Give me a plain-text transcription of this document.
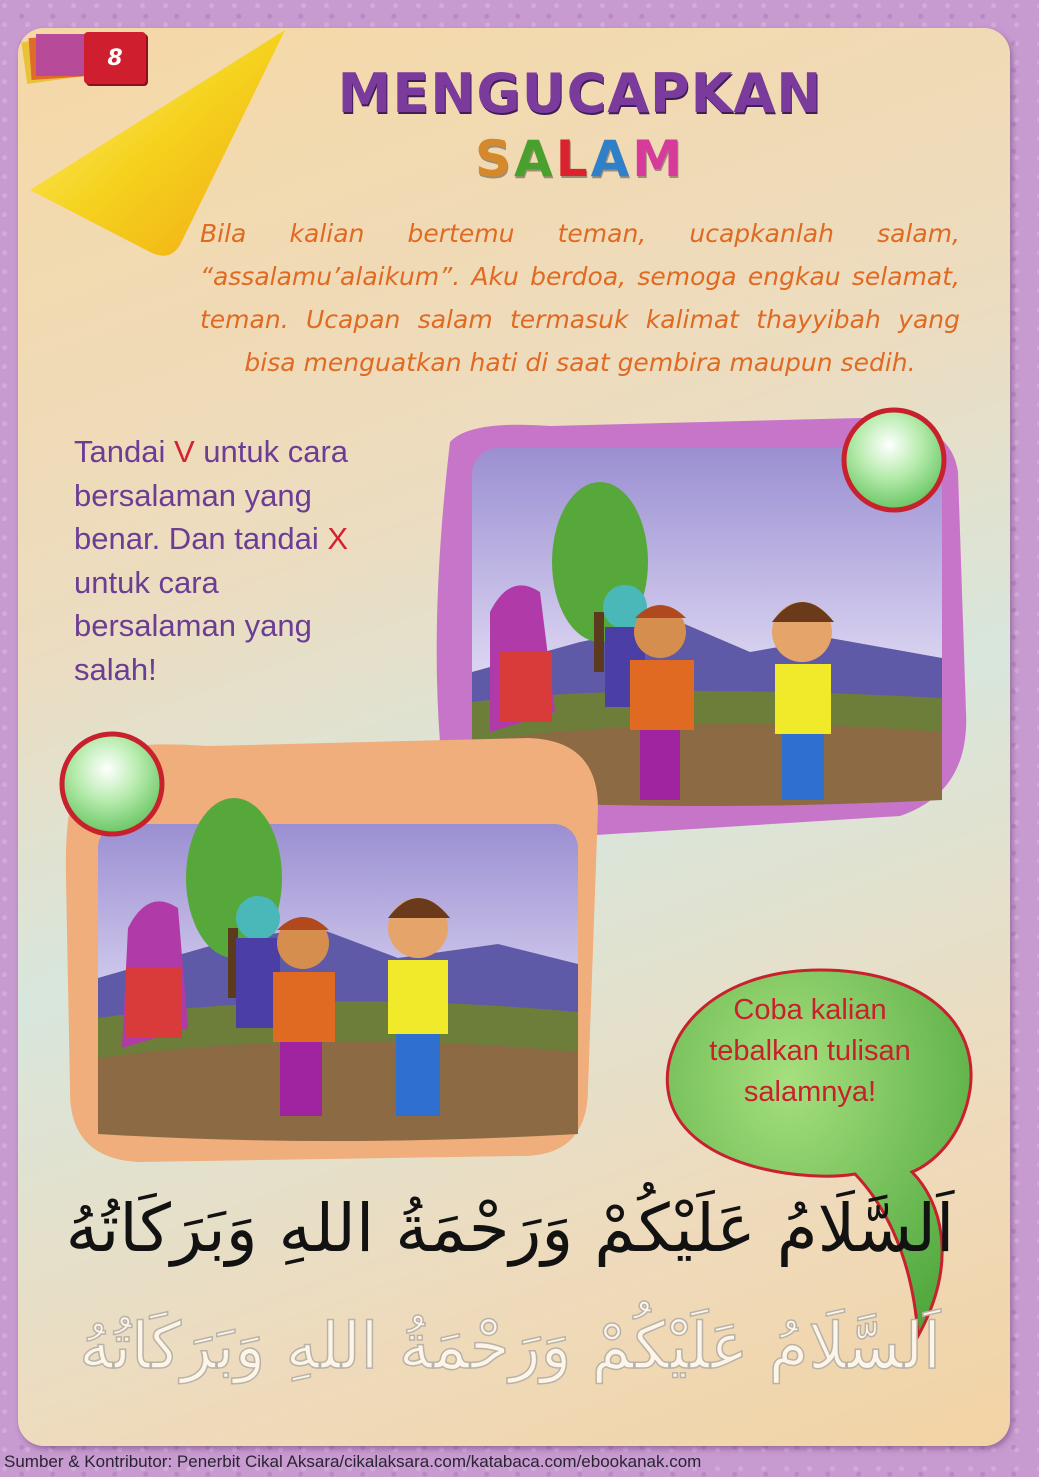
8
MENGUCAPKAN
SALAM
Bila kalian bertemu teman, ucapkanlah salam, “assalamu’alaikum”. Aku berdoa, semoga engkau selamat, teman. Ucapan salam termasuk kalimat thayyibah yang bisa menguatkan hati di saat gembira maupun sedih.
Tandai V untuk cara bersalaman yang benar. Dan tandai X untuk cara bersalaman yang salah!
Coba kalian
tebalkan tulisan
salamnya!
اَلسَّلَامُ عَلَيْكُمْ وَرَحْمَةُ اللهِ وَبَرَكَاتُهُ
اَلسَّلَامُ عَلَيْكُمْ وَرَحْمَةُ اللهِ وَبَرَكَاتُهُ
Sumber & Kontributor: Penerbit Cikal Aksara/cikalaksara.com/katabaca.com/ebookanak.com
